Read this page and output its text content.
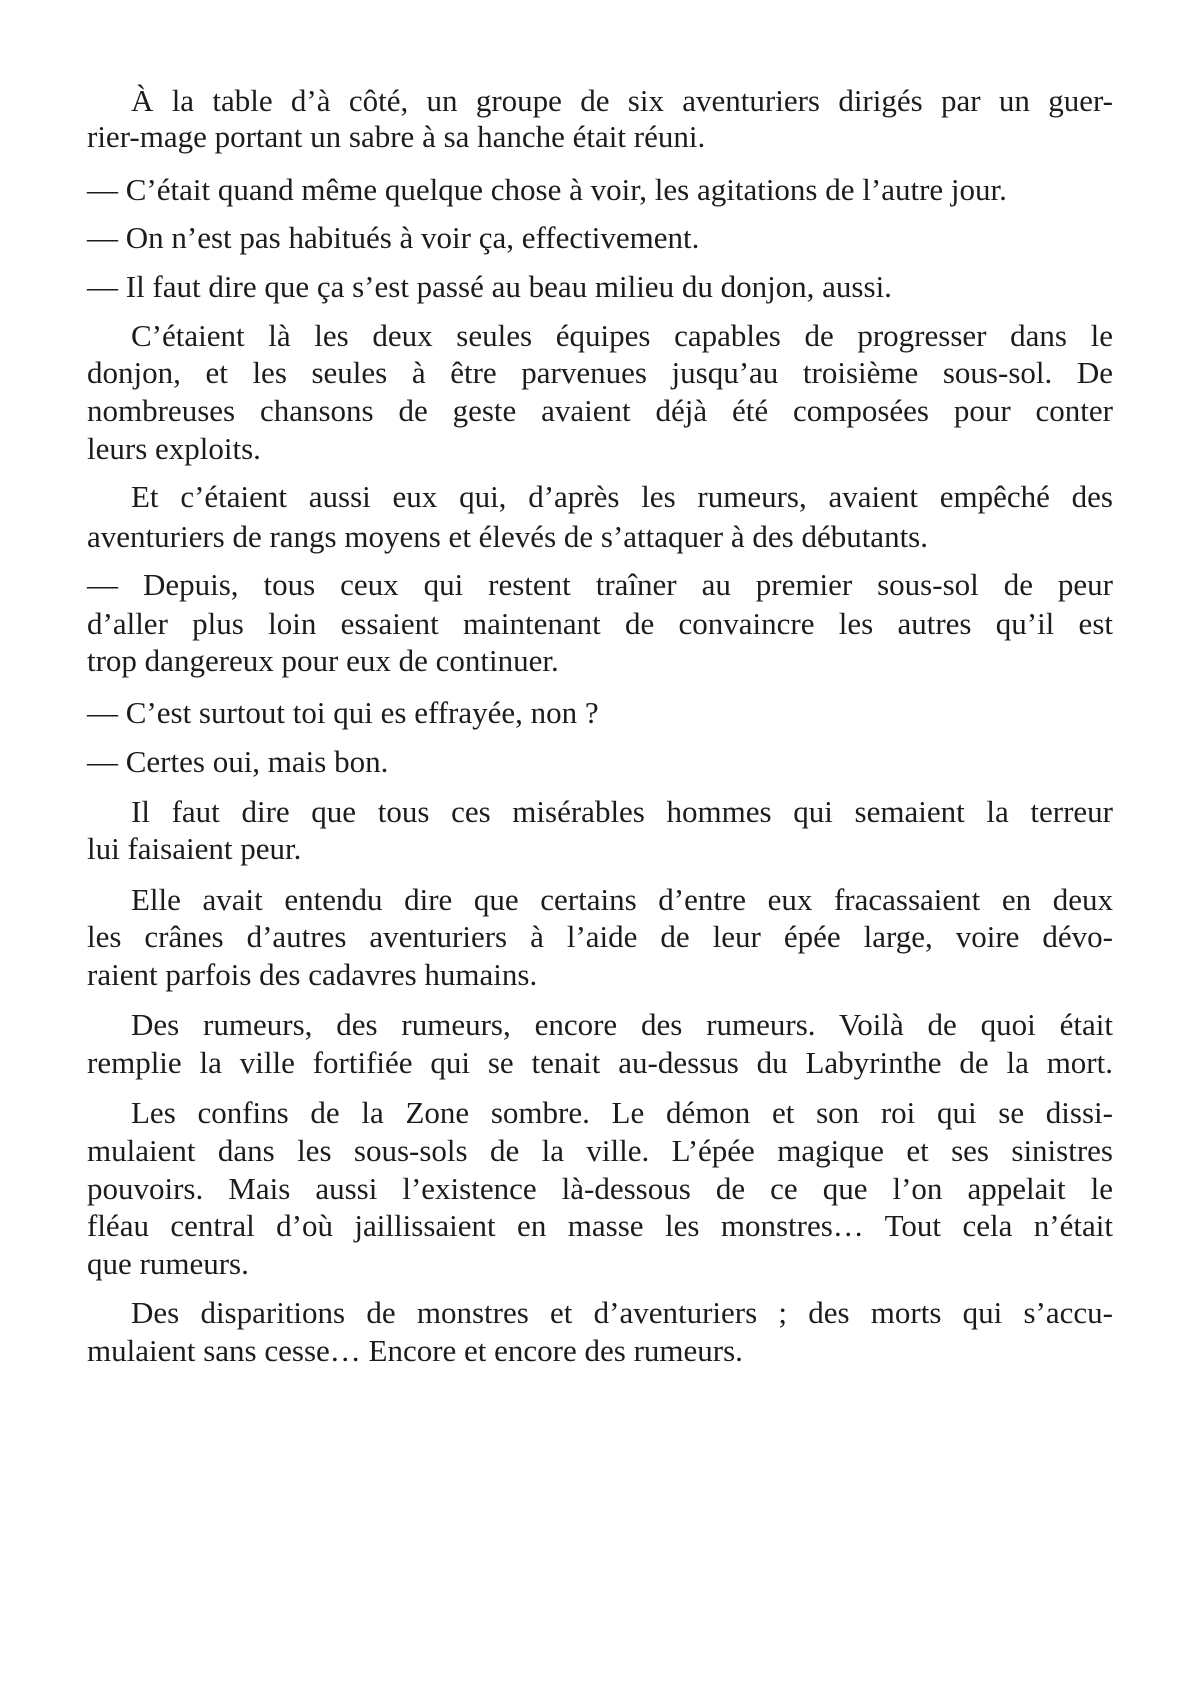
À la table d’à côté, un groupe de six aventuriers dirigés par un guer-
rier-mage portant un sabre à sa hanche était réuni.
— C’était quand même quelque chose à voir, les agitations de l’autre jour.
— On n’est pas habitués à voir ça, effectivement.
— Il faut dire que ça s’est passé au beau milieu du donjon, aussi.
C’étaient là les deux seules équipes capables de progresser dans le
donjon, et les seules à être parvenues jusqu’au troisième sous-sol. De
nombreuses chansons de geste avaient déjà été composées pour conter
leurs exploits.
Et c’étaient aussi eux qui, d’après les rumeurs, avaient empêché des
aventuriers de rangs moyens et élevés de s’attaquer à des débutants.
— Depuis, tous ceux qui restent traîner au premier sous-sol de peur
d’aller plus loin essaient maintenant de convaincre les autres qu’il est
trop dangereux pour eux de continuer.
— C’est surtout toi qui es effrayée, non ?
— Certes oui, mais bon.
Il faut dire que tous ces misérables hommes qui semaient la terreur
lui faisaient peur.
Elle avait entendu dire que certains d’entre eux fracassaient en deux
les crânes d’autres aventuriers à l’aide de leur épée large, voire dévo-
raient parfois des cadavres humains.
Des rumeurs, des rumeurs, encore des rumeurs. Voilà de quoi était
remplie la ville fortifiée qui se tenait au-dessus du Labyrinthe de la mort.
Les confins de la Zone sombre. Le démon et son roi qui se dissi-
mulaient dans les sous-sols de la ville. L’épée magique et ses sinistres
pouvoirs. Mais aussi l’existence là-dessous de ce que l’on appelait le
fléau central d’où jaillissaient en masse les monstres… Tout cela n’était
que rumeurs.
Des disparitions de monstres et d’aventuriers ; des morts qui s’accu-
mulaient sans cesse… Encore et encore des rumeurs.
